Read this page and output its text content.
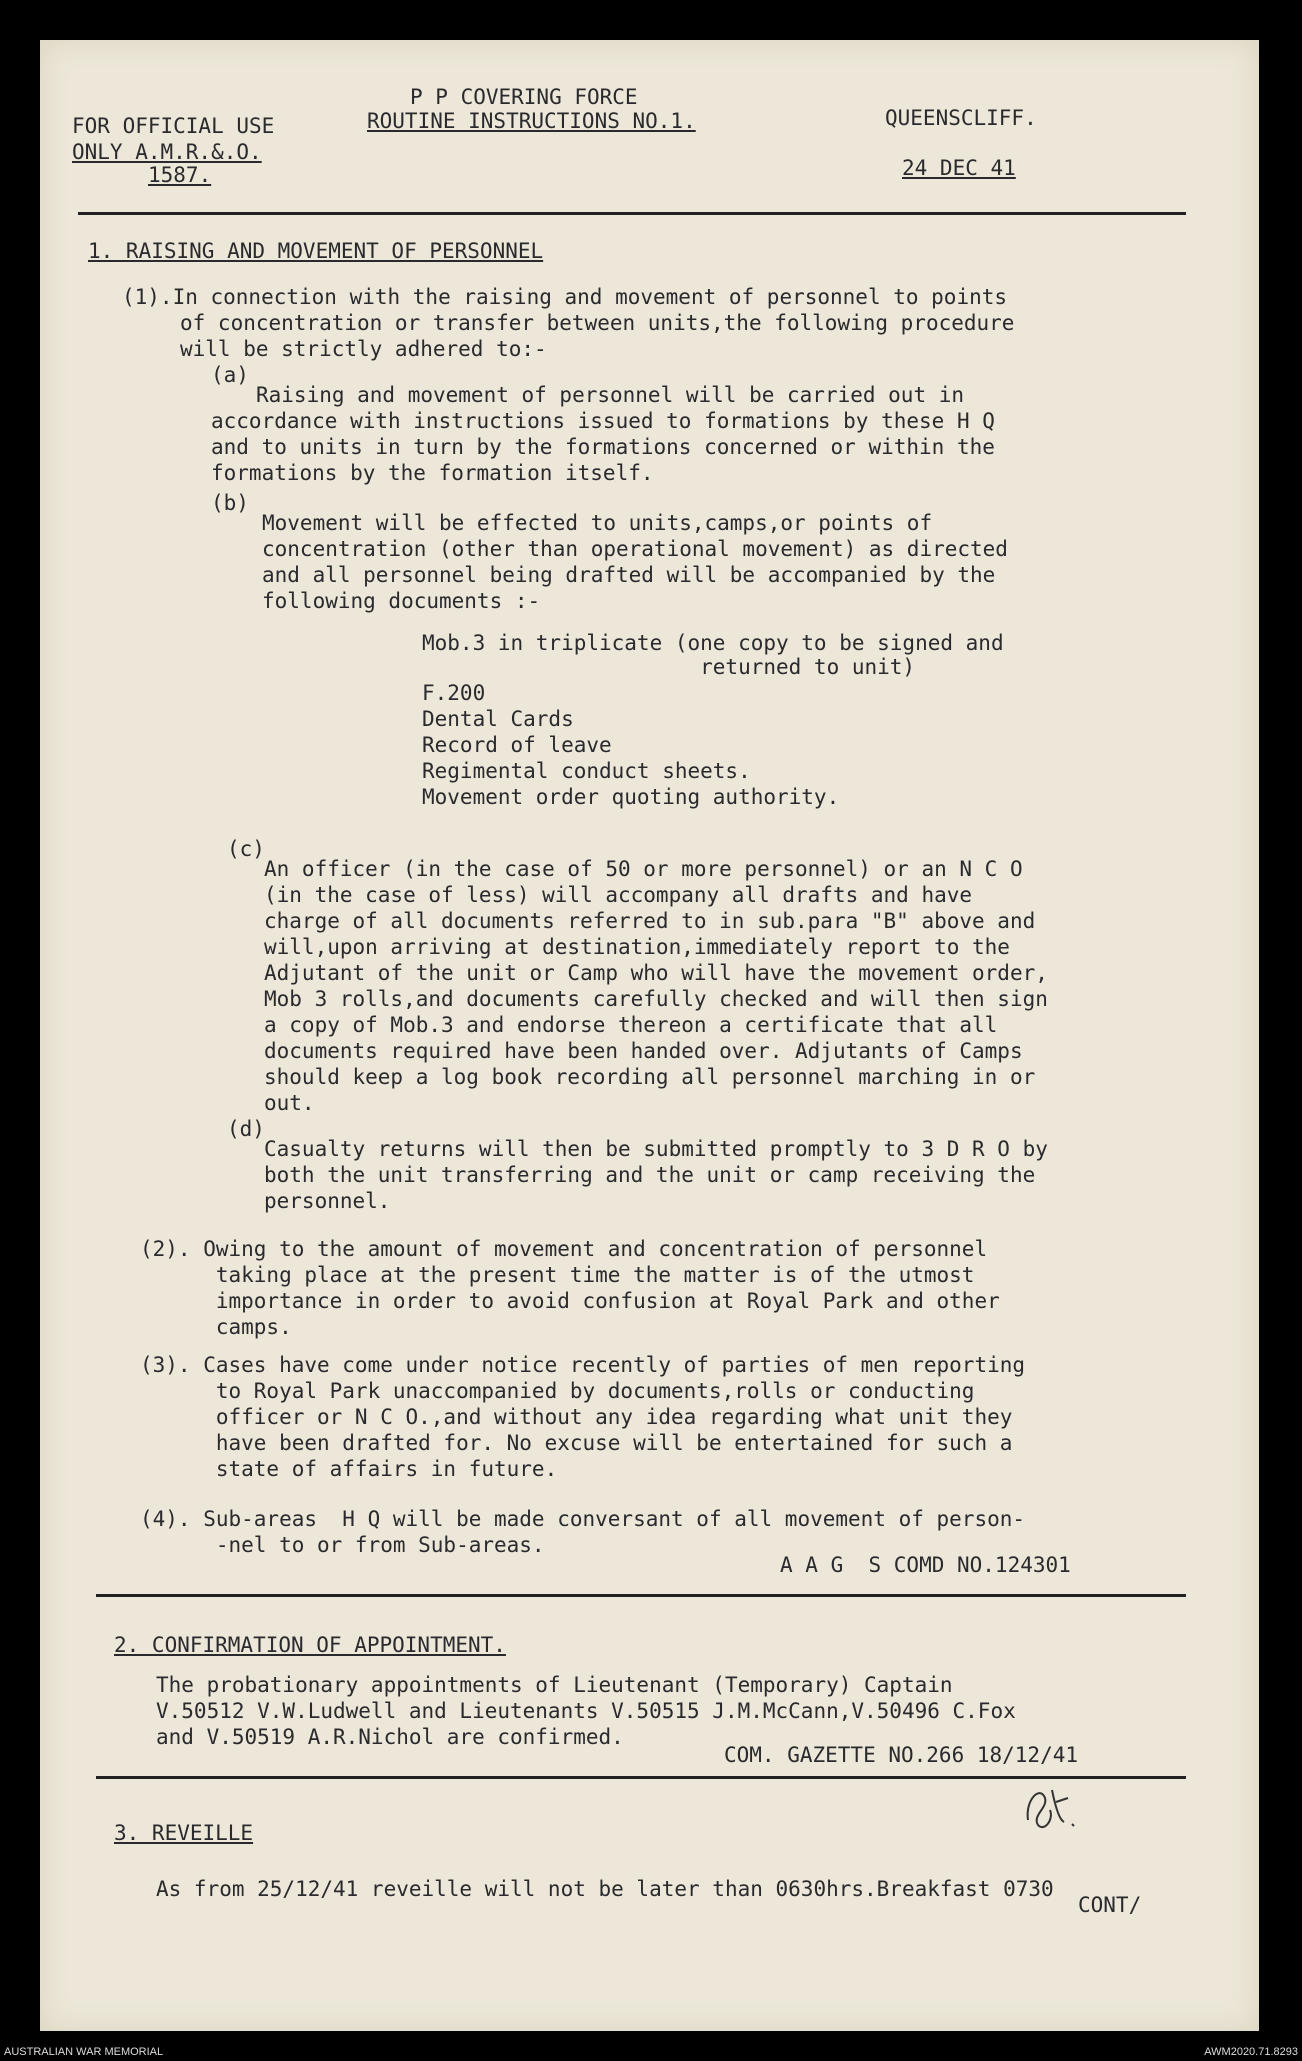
FOR OFFICIAL USE
ONLY A.M.R.&.O.
1587.
P P COVERING FORCE
ROUTINE INSTRUCTIONS NO.1.	QUEENSCLIFF.
24 DEC 41
1. RAISING AND MOVEMENT OF PERSONNEL
(1).In connection with the raising and movement of personnel to points
of concentration or transfer between units,the following procedure
will be strictly adhered to:-
(a)
Raising and movement of personnel will be carried out in
accordance with instructions issued to formations by these H Q
and to units in turn by the formations concerned or within the
formations by the formation itself.
(b)
Movement will be effected to units,camps,or points of
concentration (other than operational movement) as directed
and all personnel being drafted will be accompanied by the
following documents :-
Mob.3 in triplicate (one copy to be signed and
returned to unit)
F.200
Dental Cards
Record of leave
Regimental conduct sheets.
Movement order quoting authority.
(c)
An officer (in the case of 50 or more personnel) or an N C O
(in the case of less) will accompany all drafts and have
charge of all documents referred to in sub.para "B" above and
will,upon arriving at destination,immediately report to the
Adjutant of the unit or Camp who will have the movement order,
Mob 3 rolls,and documents carefully checked and will then sign
a copy of Mob.3 and endorse thereon a certificate that all
documents required have been handed over. Adjutants of Camps
should keep a log book recording all personnel marching in or
out.
(d)
Casualty returns will then be submitted promptly to 3 D R O by
both the unit transferring and the unit or camp receiving the
personnel.
(2). Owing to the amount of movement and concentration of personnel
taking place at the present time the matter is of the utmost
importance in order to avoid confusion at Royal Park and other
camps.
(3). Cases have come under notice recently of parties of men reporting
to Royal Park unaccompanied by documents,rolls or conducting
officer or N C O.,and without any idea regarding what unit they
have been drafted for. No excuse will be entertained for such a
state of affairs in future.
(4). Sub-areas  H Q will be made conversant of all movement of person-
-nel to or from Sub-areas.
A A G  S COMD NO.124301
2. CONFIRMATION OF APPOINTMENT.
The probationary appointments of Lieutenant (Temporary) Captain
V.50512 V.W.Ludwell and Lieutenants V.50515 J.M.McCann,V.50496 C.Fox
and V.50519 A.R.Nichol are confirmed.
COM. GAZETTE NO.266 18/12/41
3. REVEILLE
As from 25/12/41 reveille will not be later than 0630hrs.Breakfast 0730
CONT/
AUSTRALIAN WAR MEMORIAL	AWM2020.71.8293
